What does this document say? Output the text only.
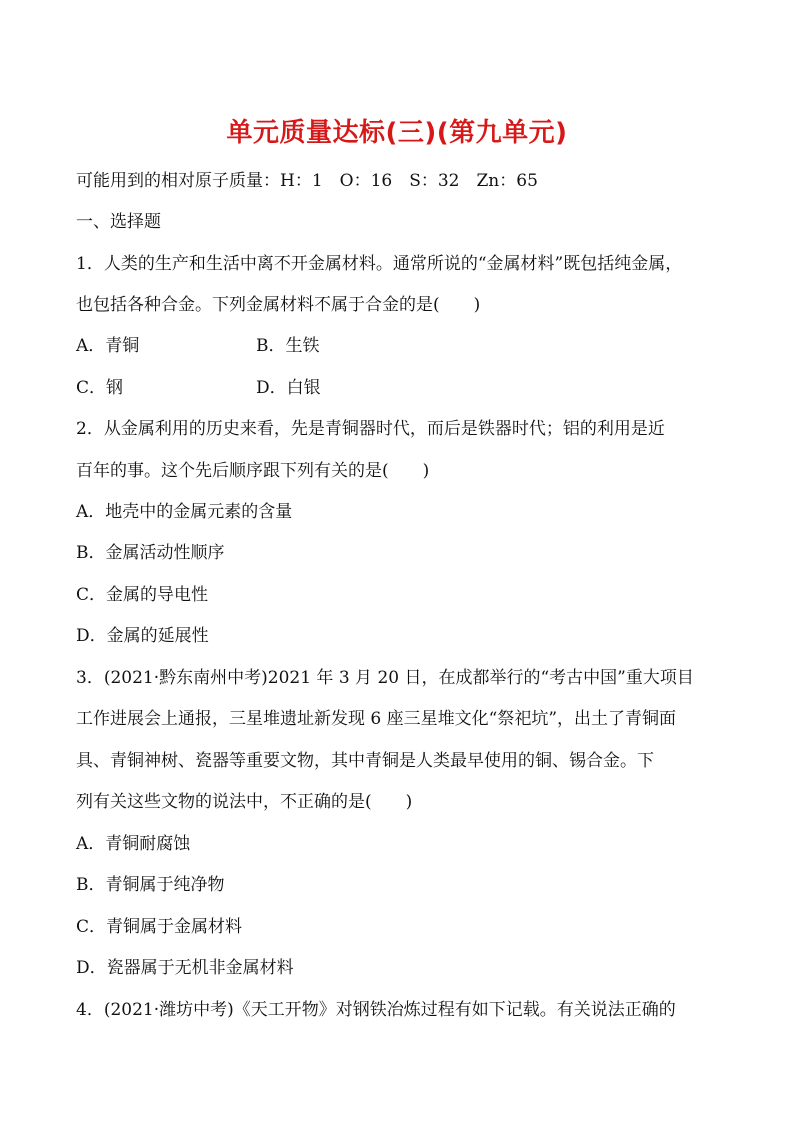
单元质量达标(三)(第九单元)
可能用到的相对原子质量：H：1　O：16　S：32　Zn：65
一、选择题
1．人类的生产和生活中离不开金属材料。通常所说的“金属材料”既包括纯金属，
也包括各种合金。下列金属材料不属于合金的是(　　)
A．青铜	B．生铁
C．钢	D．白银
2．从金属利用的历史来看，先是青铜器时代，而后是铁器时代；铝的利用是近
百年的事。这个先后顺序跟下列有关的是(　　)
A．地壳中的金属元素的含量
B．金属活动性顺序
C．金属的导电性
D．金属的延展性
3．(2021·黔东南州中考)2021 年 3 月 20 日，在成都举行的“考古中国”重大项目
工作进展会上通报，三星堆遗址新发现 6 座三星堆文化“祭祀坑”，出土了青铜面
具、青铜神树、瓷器等重要文物，其中青铜是人类最早使用的铜、锡合金。下
列有关这些文物的说法中，不正确的是(　　)
A．青铜耐腐蚀
B．青铜属于纯净物
C．青铜属于金属材料
D．瓷器属于无机非金属材料
4．(2021·潍坊中考)《天工开物》对钢铁冶炼过程有如下记载。有关说法正确的
